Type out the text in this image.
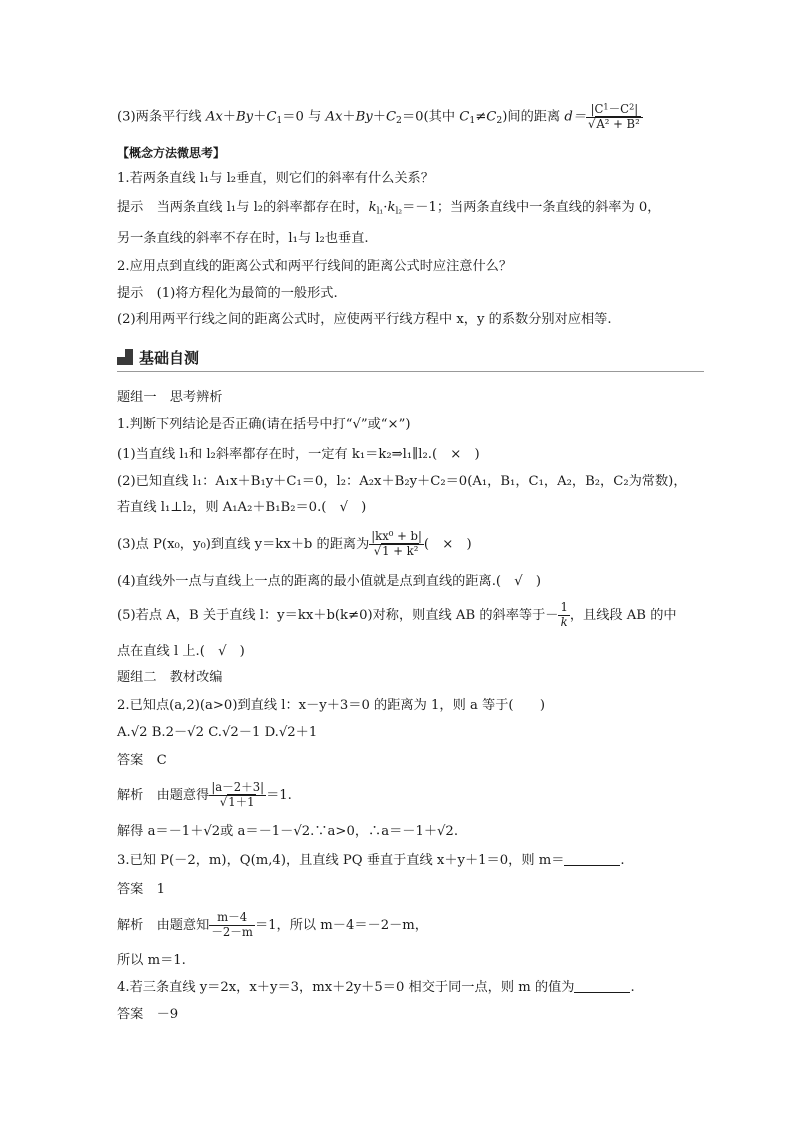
(3)两条平行线 $Ax+By+C_1=0$ 与 $Ax+By+C_2=0$(其中 $C_1\ne C_2$)间的距离 $d= \frac{|C^1-C^2|}{\text{√A² + B²}}$
【概念方法微思考】
1.若两条直线 l₁与 l₂垂直，则它们的斜率有什么关系？
提示　 当两条直线 l₁与 l₂的斜率都存在时，$k_{l_1}\cdot k_{l_2}=-1$；当两条直线中一条直线的斜率为 0，
另一条直线的斜率不存在时，l₁与 l₂也垂直.
2.应用点到直线的距离公式和两平行线间的距离公式时应注意什么？
提示　 (1)将方程化为最简的一般形式.
(2)利用两平行线之间的距离公式时，应使两平行线方程中 x，y 的系数分别对应相等.
基础自测
题组一　思考辨析
1.判断下列结论是否正确(请在括号中打“√”或“×”)
(1)当直线 l₁和 l₂斜率都存在时，一定有 k₁＝k₂⇒l₁∥l₂.(　×　)
(2)已知直线 l₁：A₁x＋B₁y＋C₁＝0，l₂：A₂x＋B₂y＋C₂＝0(A₁，B₁，C₁，A₂，B₂，C₂为常数)，
若直线 l₁⊥l₂，则 A₁A₂＋B₁B₂＝0.(　√　)
(3)点 P(x₀，y₀)到直线 y＝kx＋b 的距离为 $\frac{\text{|kx⁰ + b|}}{\text{√1 + k²}}$ (　×　)
(4)直线外一点与直线上一点的距离的最小值就是点到直线的距离.(　√　)
(5)若点 A，B 关于直线 l：y＝kx＋b(k≠0)对称，则直线 AB 的斜率等于－ $\frac{1}{k}$ ，且线段 AB 的中
点在直线 l 上.(　√　)
题组二　教材改编
2.已知点(a,2)(a>0)到直线 l：x－y＋3＝0 的距离为 1，则 a 等于(　　)
A.√2 B.2－√2 C.√2－1 D.√2＋1
答案　 C
解析　 由题意得 $\frac{|a-2+3|}{√1+1} =1$.
解得 a＝－1＋√2或 a＝－1－√2.∵a>0，∴a＝－1＋√2.
3.已知 P(－2，m)，Q(m,4)，且直线 PQ 垂直于直线 x＋y＋1＝0，则 m＝	.
答案　 1
解析　 由题意知 $\frac{m-4}{-2-m} =1$，所以 m－4＝－2－m，
所以 m＝1.
4.若三条直线 y＝2x，x＋y＝3，mx＋2y＋5＝0 相交于同一点，则 m 的值为	.
答案　 －9
